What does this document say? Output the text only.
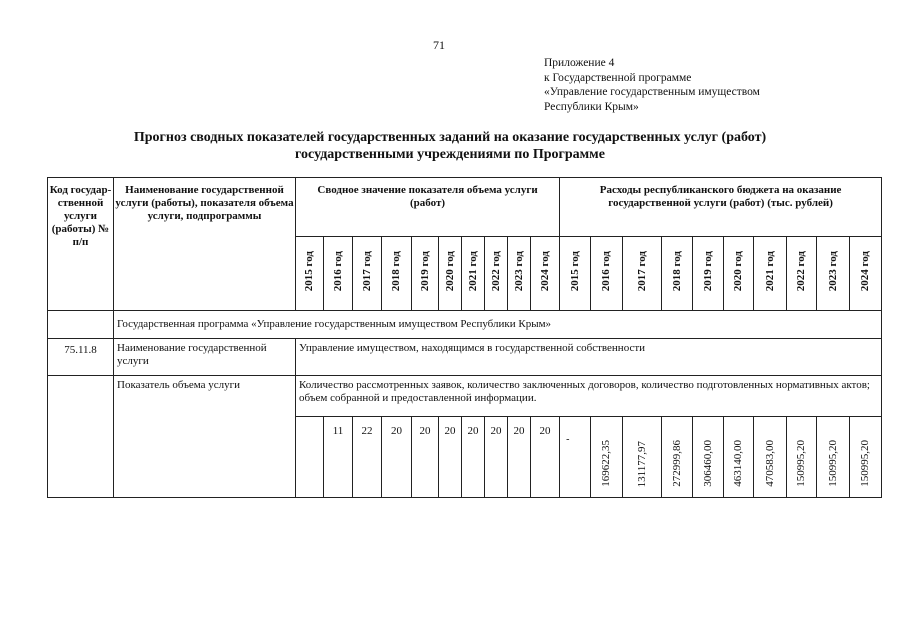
71
Приложение 4
к Государственной программе
«Управление государственным имуществом
Республики Крым»
Прогноз сводных показателей государственных заданий на оказание государственных услуг (работ)
государственными учреждениями по Программе
Код государ-ственной услуги (работы) № п/п	Наименование государственной услуги (работы), показателя объема услуги, подпрограммы	Сводное значение показателя объема услуги (работ)										Расходы республиканского бюджета на оказание государственной услуги (работ) (тыс. рублей)									
		2015 год	2016 год	2017 год	2018 год	2019 год	2020 год	2021 год	2022 год	2023 год	2024 год	2015 год	2016 год	2017 год	2018 год	2019 год	2020 год	2021 год	2022 год	2023 год	2024 год
	Государственная программа «Управление государственным имуществом Республики Крым»																				
75.11.8	Наименование государственной услуги	Управление имуществом, находящимся в государственной собственности																			
	Показатель объема услуги	Количество рассмотренных заявок, количество заключенных договоров, количество подготовленных нормативных актов; объем собранной и предоставленной информации.																			
			11	22	20	20	20	20	20	20	20	-	169622,35	131177,97	272999,86	306460,00	463140,00	470583,00	150995,20	150995,20	150995,20
